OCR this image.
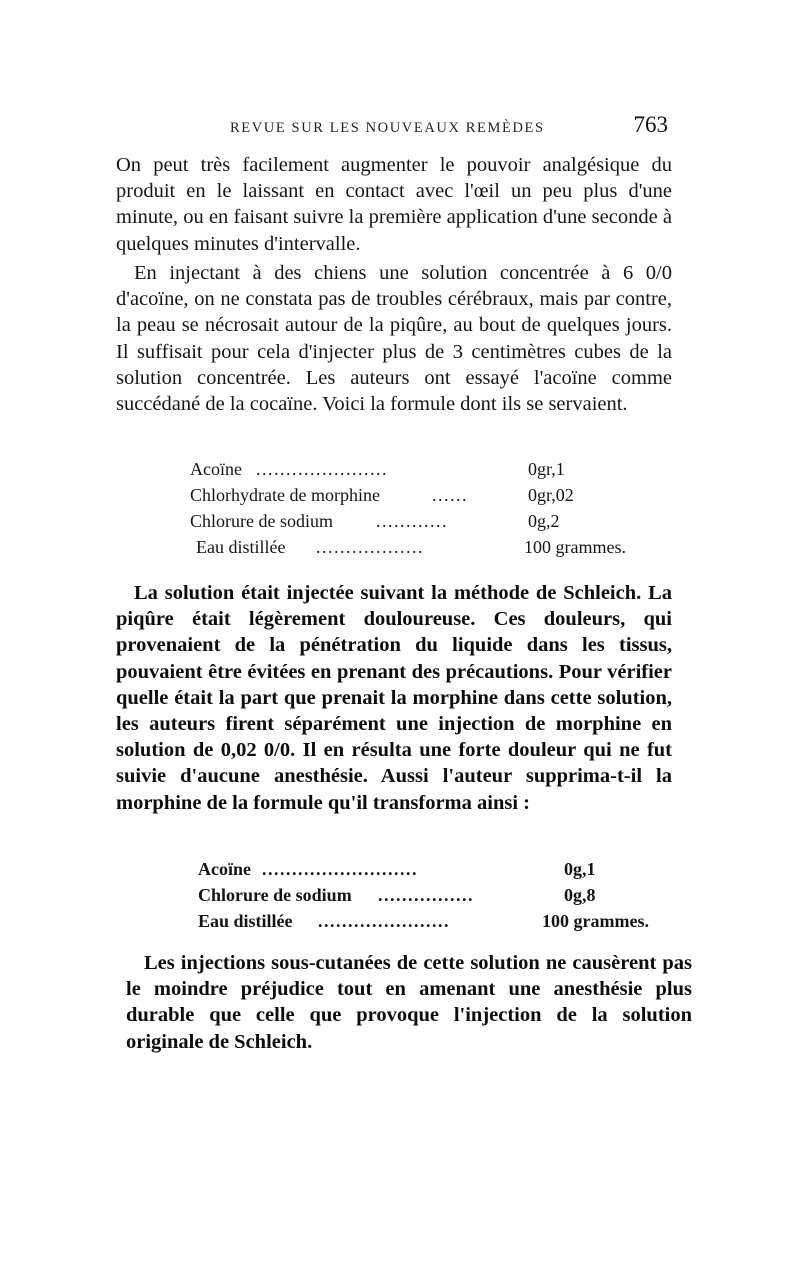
REVUE SUR LES NOUVEAUX REMÈDES	763

On peut très facilement augmenter le pouvoir analgésique du produit en le laissant en contact avec l'œil un peu plus d'une minute, ou en faisant suivre la première application d'une seconde à quelques minutes d'intervalle.

En injectant à des chiens une solution concentrée à 6 0/0 d'acoïne, on ne constata pas de troubles cérébraux, mais par contre, la peau se nécrosait autour de la piqûre, au bout de quelques jours. Il suffisait pour cela d'injecter plus de 3 centimètres cubes de la solution concentrée. Les auteurs ont essayé l'acoïne comme succédané de la cocaïne. Voici la formule dont ils se servaient.

Acoïne ......................	0gr,1
Chlorhydrate de morphine	......	0gr,02
Chlorure de sodium ............	0g,2
Eau distillée ..................	100 grammes.

La solution était injectée suivant la méthode de Schleich. La piqûre était légèrement douloureuse. Ces douleurs, qui provenaient de la pénétration du liquide dans les tissus, pouvaient être évitées en prenant des précautions. Pour vérifier quelle était la part que prenait la morphine dans cette solution, les auteurs firent séparément une injection de morphine en solution de 0,02 0/0. Il en résulta une forte douleur qui ne fut suivie d'aucune anesthésie. Aussi l'auteur supprima-t-il la morphine de la formule qu'il transforma ainsi :

Acoïne ..........................	0g,1
Chlorure de sodium ................	0g,8
Eau distillée ......................	100 grammes.

Les injections sous-cutanées de cette solution ne causèrent pas le moindre préjudice tout en amenant une anesthésie plus durable que celle que provoque l'injection de la solution originale de Schleich.
